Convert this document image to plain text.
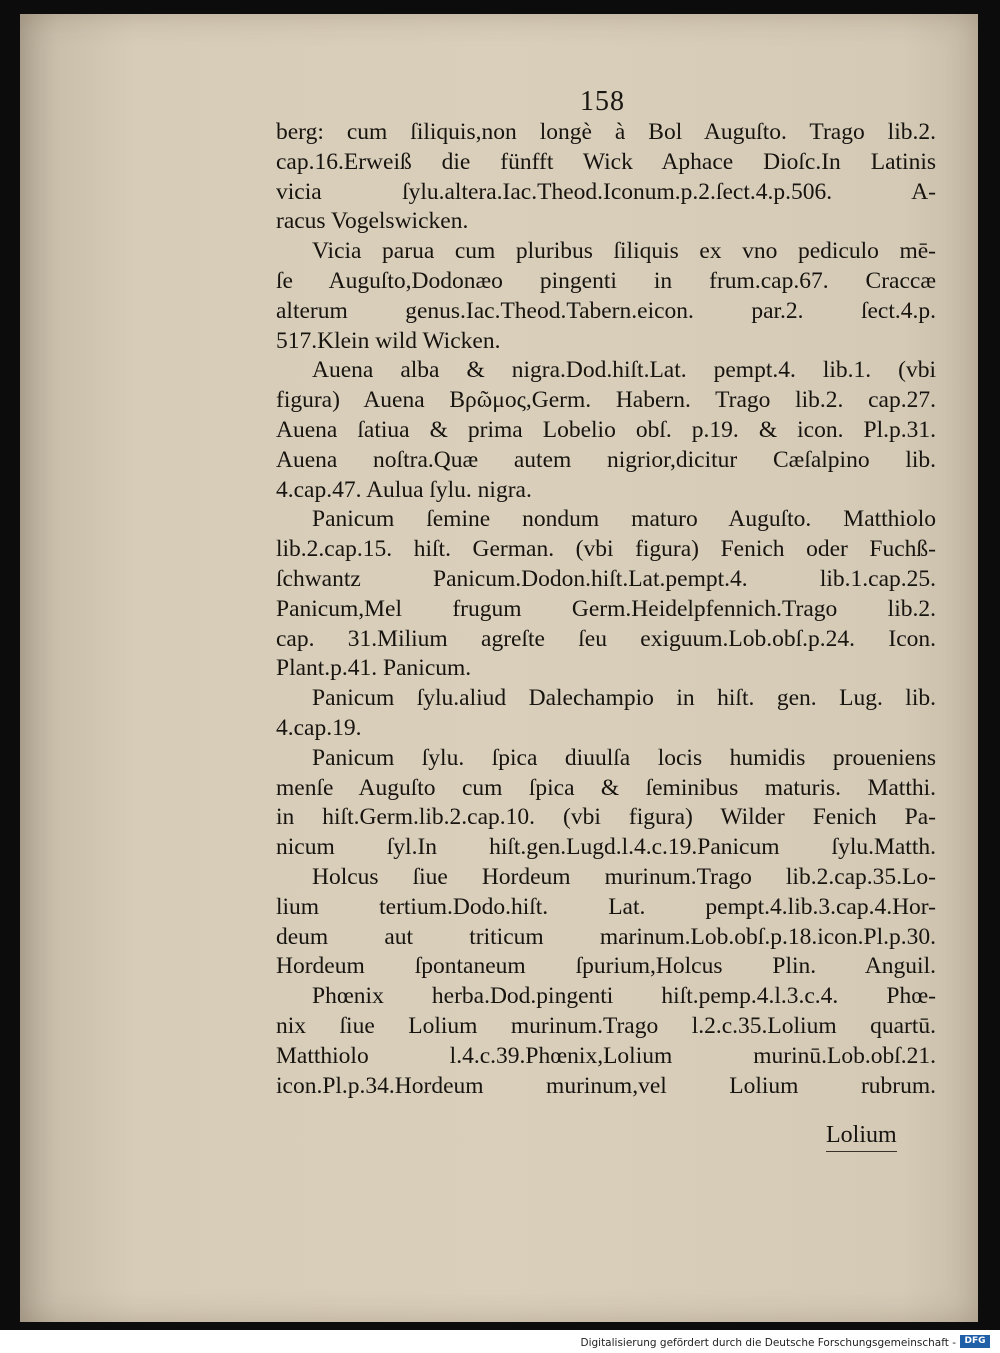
158
berg: cum ſiliquis,non longè à Bol Auguſto. Trago lib.2.
cap.16.Erweiß die fünfft Wick Aphace Dioſc.In Latinis
vicia ſylu.altera.Iac.Theod.Iconum.p.2.ſect.4.p.506. A-
racus Vogelswicken.
Vicia parua cum pluribus ſiliquis ex vno pediculo mē-
ſe Auguſto,Dodonæo pingenti in frum.cap.67. Craccæ
alterum genus.Iac.Theod.Tabern.eicon. par.2. ſect.4.p.
517.Klein wild Wicken.
Auena alba & nigra.Dod.hiſt.Lat. pempt.4. lib.1. (vbi
figura) Auena Βρῶμος,Germ. Habern. Trago lib.2. cap.27.
Auena ſatiua & prima Lobelio obſ. p.19. & icon. Pl.p.31.
Auena noſtra.Quæ autem nigrior,dicitur Cæſalpino lib.
4.cap.47. Aulua ſylu. nigra.
Panicum ſemine nondum maturo Auguſto. Matthiolo
lib.2.cap.15. hiſt. German. (vbi figura) Fenich oder Fuchß-
ſchwantz Panicum.Dodon.hiſt.Lat.pempt.4. lib.1.cap.25.
Panicum,Mel frugum Germ.Heidelpfennich.Trago lib.2.
cap. 31.Milium agreſte ſeu exiguum.Lob.obſ.p.24. Icon.
Plant.p.41. Panicum.
Panicum ſylu.aliud Dalechampio in hiſt. gen. Lug. lib.
4.cap.19.
Panicum ſylu. ſpica diuulſa locis humidis proueniens
menſe Auguſto cum ſpica & ſeminibus maturis. Matthi.
in hiſt.Germ.lib.2.cap.10. (vbi figura) Wilder Fenich Pa-
nicum ſyl.In hiſt.gen.Lugd.l.4.c.19.Panicum ſylu.Matth.
Holcus ſiue Hordeum murinum.Trago lib.2.cap.35.Lo-
lium tertium.Dodo.hiſt. Lat. pempt.4.lib.3.cap.4.Hor-
deum aut triticum marinum.Lob.obſ.p.18.icon.Pl.p.30.
Hordeum ſpontaneum ſpurium,Holcus Plin. Anguil.
Phœnix herba.Dod.pingenti hiſt.pemp.4.l.3.c.4. Phœ-
nix ſiue Lolium murinum.Trago l.2.c.35.Lolium quartū.
Matthiolo l.4.c.39.Phœnix,Lolium murinū.Lob.obſ.21.
icon.Pl.p.34.Hordeum murinum,vel Lolium rubrum.
Lolium
Digitalisierung gefördert durch die Deutsche Forschungsgemeinschaft - DFG
